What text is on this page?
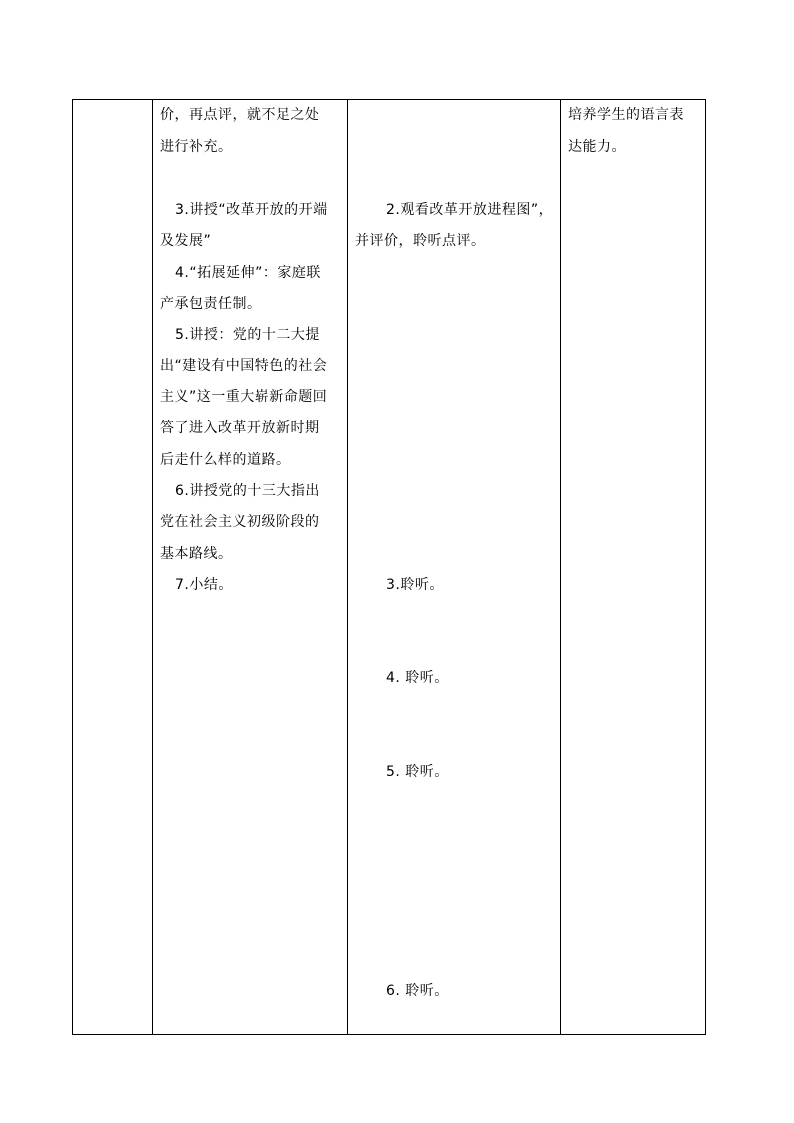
价，再点评，就不足之处
进行补充。
3.讲授“改革开放的开端
及发展”
4.“拓展延伸”：家庭联
产承包责任制。
5.讲授：党的十二大提
出“建设有中国特色的社会
主义”这一重大崭新命题回
答了进入改革开放新时期
后走什么样的道路。
6.讲授党的十三大指出
党在社会主义初级阶段的
基本路线。
7.小结。
2.观看改革开放进程图”，
并评价，聆听点评。
3.聆听。
4. 聆听。
5. 聆听。
6. 聆听。
培养学生的语言表
达能力。
